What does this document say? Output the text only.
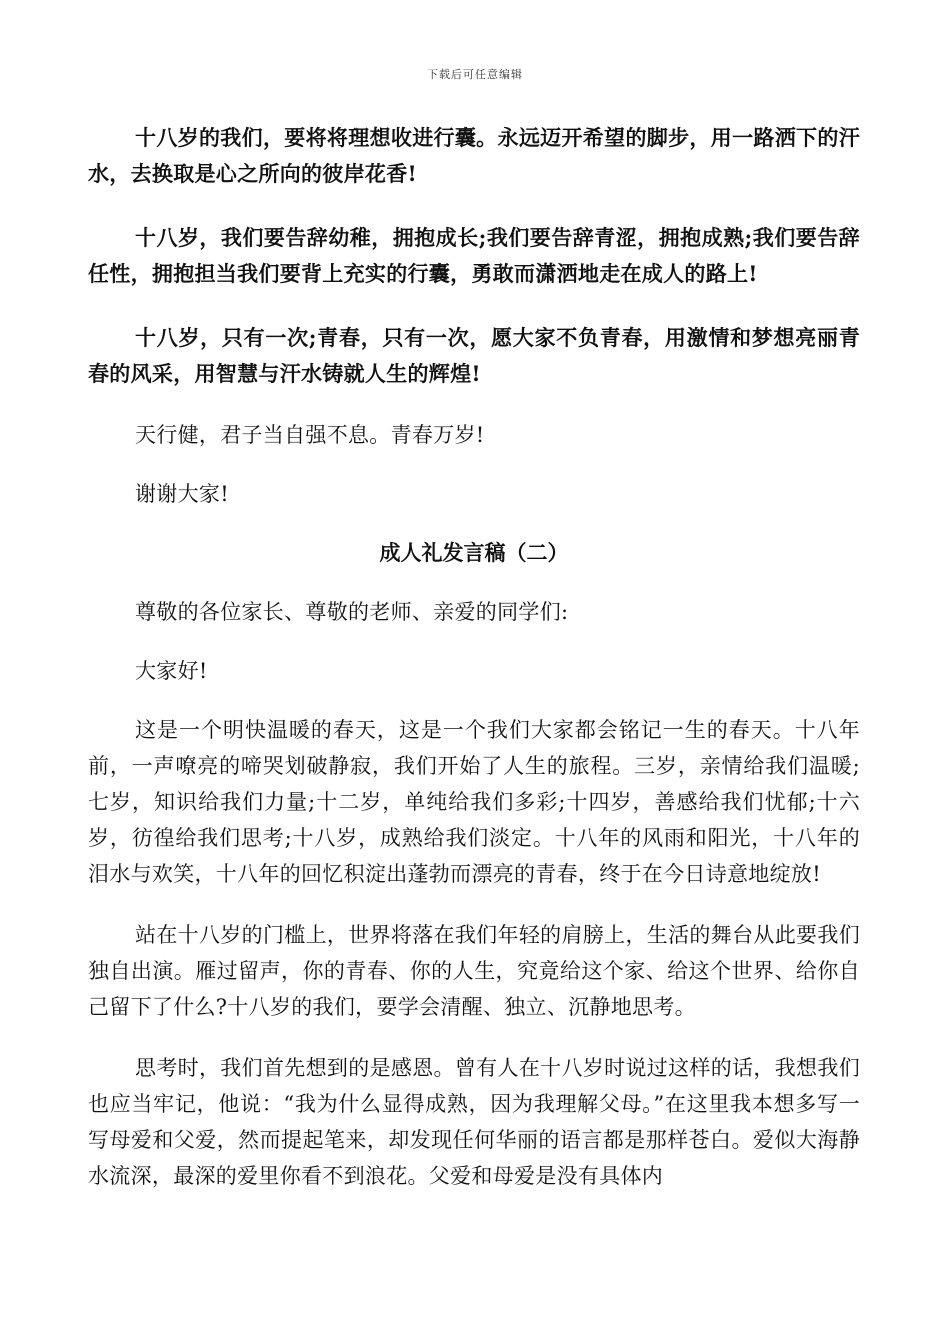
下载后可任意编辑

十八岁的我们，要将将理想收进行囊。永远迈开希望的脚步，用一路洒下的汗水，去换取是心之所向的彼岸花香!

十八岁，我们要告辞幼稚，拥抱成长;我们要告辞青涩，拥抱成熟;我们要告辞任性，拥抱担当我们要背上充实的行囊，勇敢而潇洒地走在成人的路上!

十八岁，只有一次;青春，只有一次，愿大家不负青春，用激情和梦想亮丽青春的风采，用智慧与汗水铸就人生的辉煌!

天行健，君子当自强不息。青春万岁!

谢谢大家!

成人礼发言稿（二）

尊敬的各位家长、尊敬的老师、亲爱的同学们:

大家好!

这是一个明快温暖的春天，这是一个我们大家都会铭记一生的春天。十八年前，一声嘹亮的啼哭划破静寂，我们开始了人生的旅程。三岁，亲情给我们温暖;七岁，知识给我们力量;十二岁，单纯给我们多彩;十四岁，善感给我们忧郁;十六岁，彷徨给我们思考;十八岁，成熟给我们淡定。十八年的风雨和阳光，十八年的泪水与欢笑，十八年的回忆积淀出蓬勃而漂亮的青春，终于在今日诗意地绽放!

站在十八岁的门槛上，世界将落在我们年轻的肩膀上，生活的舞台从此要我们独自出演。雁过留声，你的青春、你的人生，究竟给这个家、给这个世界、给你自己留下了什么?十八岁的我们，要学会清醒、独立、沉静地思考。

思考时，我们首先想到的是感恩。曾有人在十八岁时说过这样的话，我想我们也应当牢记，他说：“我为什么显得成熟，因为我理解父母。”在这里我本想多写一写母爱和父爱，然而提起笔来，却发现任何华丽的语言都是那样苍白。爱似大海静水流深，最深的爱里你看不到浪花。父爱和母爱是没有具体内
